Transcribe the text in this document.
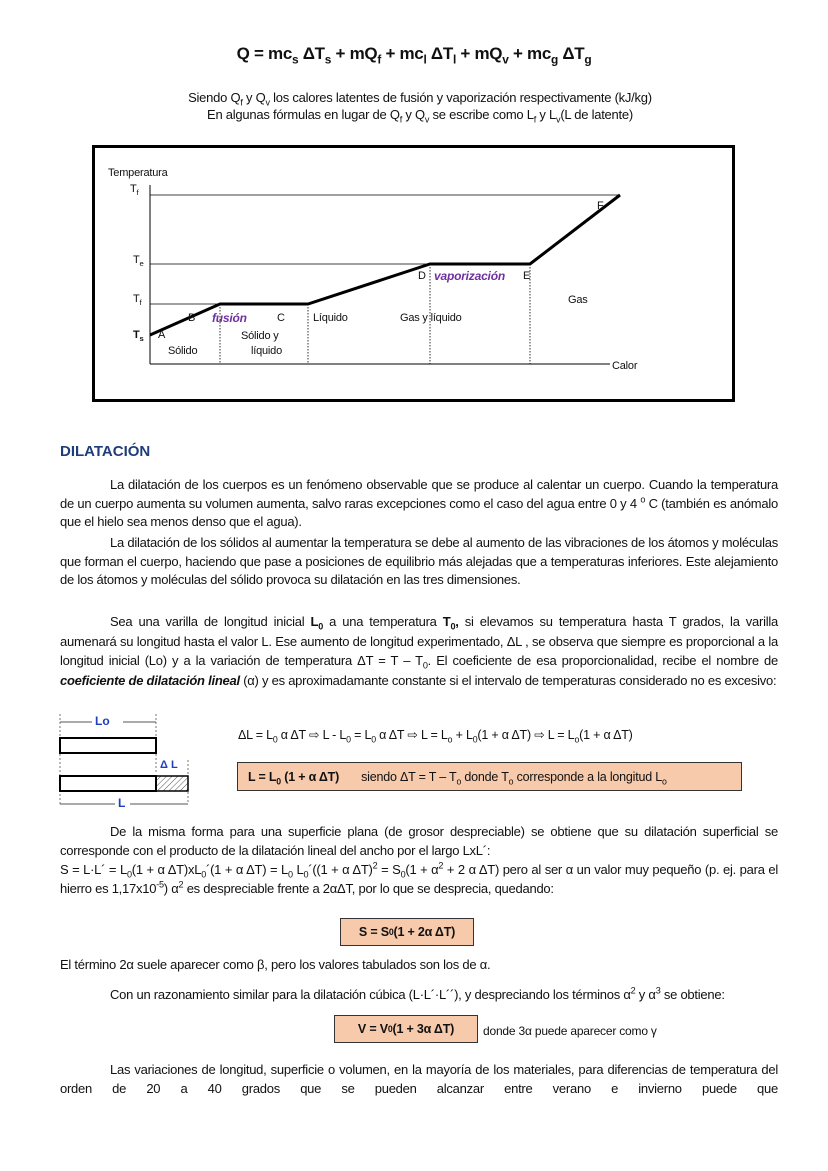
$Q = mc_s$ $\Delta T_s + mQ_f + mc_l$ $\Delta T_l + mQ_v + mc_g$ $\Delta T_g$
Siendo $Q_f$ y $Q_v$ los calores latentes de fusión y vaporización respectivamente (kJ/kg)
En algunas fórmulas en lugar de $Q_f$ y $Q_v$ se escribe como $L_f$ y $L_v(L$ de latente)
Temperatura
$T_f$
$T_e$
$T_f$
$T_s$ A
B fusión	C	Líquido	Gas y líquido
D vaporización E
Gas
F
Sólido
Sólido y
líquido
Calor
DILATACIÓN
La dilatación de los cuerpos es un fenómeno observable que se produce al calentar un cuerpo. Cuando la temperatura de un cuerpo aumenta su volumen aumenta, salvo raras excepciones como el caso del agua entre 0 y 4 $^o$ C (también es anómalo que el hielo sea menos denso que el agua).
La dilatación de los sólidos al aumentar la temperatura se debe al aumento de las vibraciones de los átomos y moléculas que forman el cuerpo, haciendo que pase a posiciones de equilibrio más alejadas que a temperaturas inferiores. Este alejamiento de los átomos y moléculas del sólido provoca su dilatación en las tres dimensiones.
Sea una varilla de longitud inicial $L_0$ a una temperatura $T_0$, si elevamos su temperatura hasta T grados, la varilla aumenará su longitud hasta el valor L. Ese aumento de longitud experimentado, ΔL , se observa que siempre es proporcional a la longitud inicial (Lo) y a la variación de temperatura $\Delta T = T - T_0$. El coeficiente de esa proporcionalidad, recibe el nombre de coeficiente de dilatación lineal (α) y es aproximadamante constante si el intervalo de temperaturas considerado no es excesivo:
Lo
Δ L
L
$\Delta L = L_0$ α ΔT ⇨ $L - L_0 = L_0$ α ΔT ⇨ $L = L_o + L_0(1 + \alpha$ ΔT) ⇨ $L = L_o(1 + \alpha$ ΔT)
$L = L_0$ (1 + α ΔT) siendo $\Delta T = T - T_o$ donde $T_o$ corresponde a la longitud $L_o$
De la misma forma para una superficie plana (de grosor despreciable) se obtiene que su dilatación superficial se corresponde con el producto de la dilatación lineal del ancho por el largo LxL´:
S = L·L´ = $L_0(1 + \alpha$ $\Delta T)xL_0´(1 + \alpha$ $\Delta T) = L_0$ $L_0´((1 + \alpha$ $\Delta T)^2 = S_0(1 + \alpha^2 + 2$ α ΔT) pero al ser α un valor muy pequeño (p. ej. para el hierro es $1,17x10^{-5}$) $\alpha^2$ es despreciable frente a 2αΔT, por lo que se desprecia, quedando:
S = S 0 (1 + 2α ΔT)
El término 2α suele aparecer como β, pero los valores tabulados son los de α.
Con un razonamiento similar para la dilatación cúbica (L·L´·L´´), y despreciando los términos $\alpha^2$ y $\alpha^3$ se obtiene:
V = V 0 (1 + 3α ΔT) donde 3α puede aparecer como γ
Las variaciones de longitud, superficie o volumen, en la mayoría de los materiales, para diferencias de temperatura del orden de 20 a 40 grados que se pueden alcanzar entre verano e invierno puede que
